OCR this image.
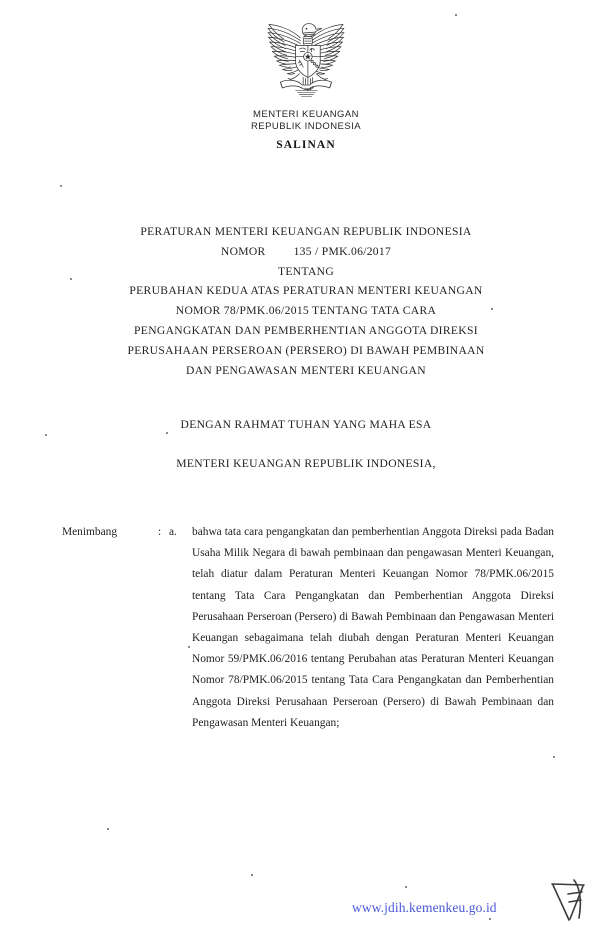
MENTERI KEUANGAN
REPUBLIK INDONESIA
SALINAN
PERATURAN MENTERI KEUANGAN REPUBLIK INDONESIA
NOMOR 135 / PMK.06/2017
TENTANG
PERUBAHAN KEDUA ATAS PERATURAN MENTERI KEUANGAN
NOMOR 78/PMK.06/2015 TENTANG TATA CARA
PENGANGKATAN DAN PEMBERHENTIAN ANGGOTA DIREKSI
PERUSAHAAN PERSEROAN (PERSERO) DI BAWAH PEMBINAAN
DAN PENGAWASAN MENTERI KEUANGAN
DENGAN RAHMAT TUHAN YANG MAHA ESA
MENTERI KEUANGAN REPUBLIK INDONESIA,
Menimbang	: a.	bahwa tata cara pengangkatan dan pemberhentian Anggota Direksi pada Badan Usaha Milik Negara di bawah pembinaan dan pengawasan Menteri Keuangan, telah diatur dalam Peraturan Menteri Keuangan Nomor 78/PMK.06/2015 tentang Tata Cara Pengangkatan dan Pemberhentian Anggota Direksi Perusahaan Perseroan (Persero) di Bawah Pembinaan dan Pengawasan Menteri Keuangan sebagaimana telah diubah dengan Peraturan Menteri Keuangan Nomor 59/PMK.06/2016 tentang Perubahan atas Peraturan Menteri Keuangan Nomor 78/PMK.06/2015 tentang Tata Cara Pengangkatan dan Pemberhentian Anggota Direksi Perusahaan Perseroan (Persero) di Bawah Pembinaan dan Pengawasan Menteri Keuangan;
www.jdih.kemenkeu.go.id
